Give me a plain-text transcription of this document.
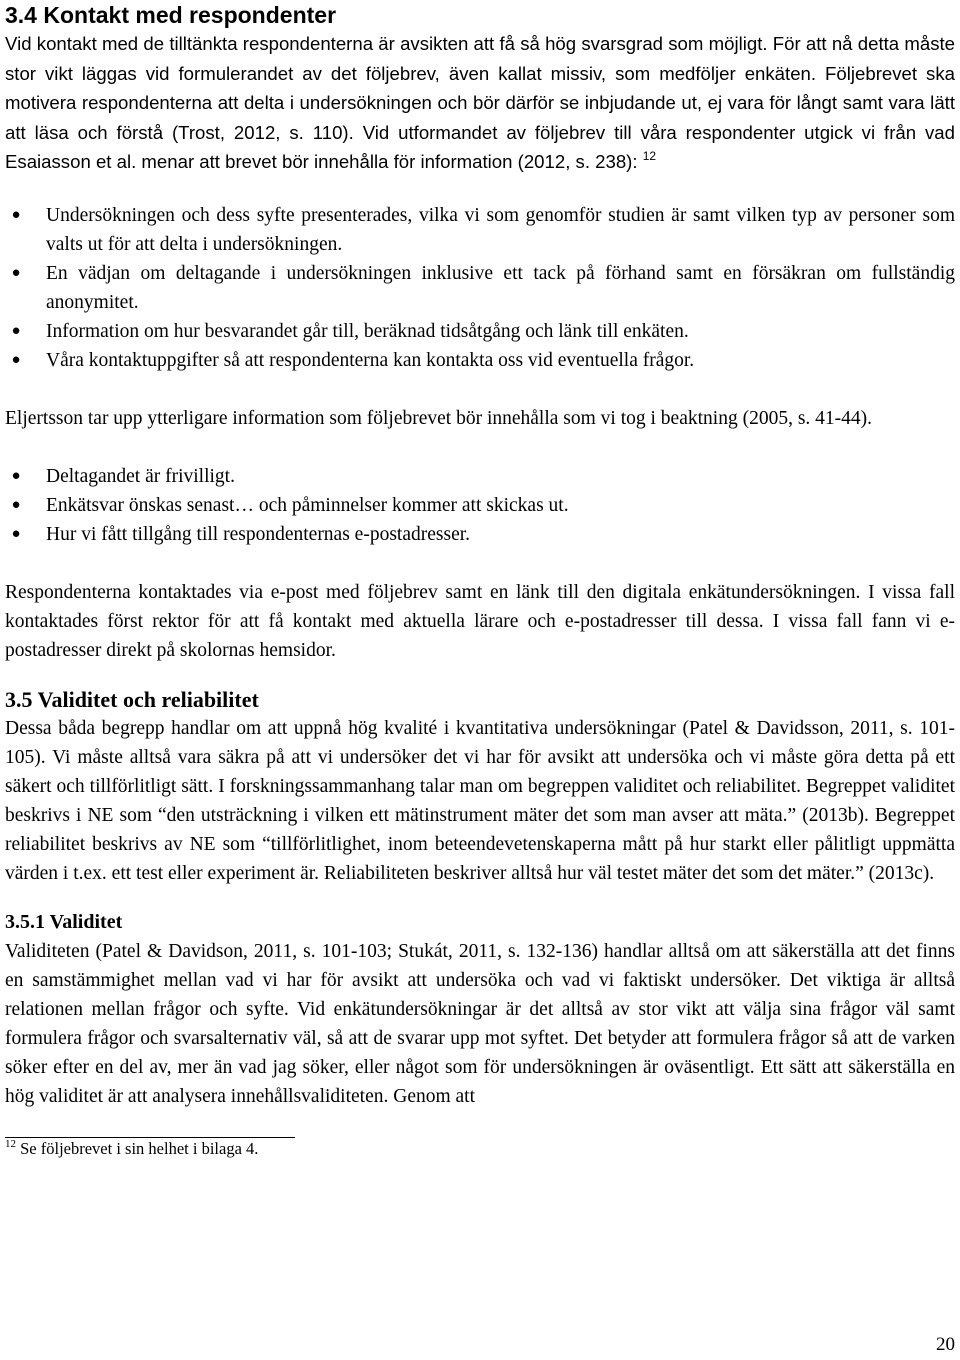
3.4 Kontakt med respondenter

Vid kontakt med de tilltänkta respondenterna är avsikten att få så hög svarsgrad som möjligt. För att nå detta måste stor vikt läggas vid formulerandet av det följebrev, även kallat missiv, som medföljer enkäten. Följebrevet ska motivera respondenterna att delta i undersökningen och bör därför se inbjudande ut, ej vara för långt samt vara lätt att läsa och förstå (Trost, 2012, s. 110). Vid utformandet av följebrev till våra respondenter utgick vi från vad Esaiasson et al. menar att brevet bör innehålla för information (2012, s. 238): $^{12}$

● Undersökningen och dess syfte presenterades, vilka vi som genomför studien är samt vilken typ av personer som valts ut för att delta i undersökningen.
● En vädjan om deltagande i undersökningen inklusive ett tack på förhand samt en försäkran om fullständig anonymitet.
● Information om hur besvarandet går till, beräknad tidsåtgång och länk till enkäten.
● Våra kontaktuppgifter så att respondenterna kan kontakta oss vid eventuella frågor.

Eljertsson tar upp ytterligare information som följebrevet bör innehålla som vi tog i beaktning (2005, s. 41-44).

● Deltagandet är frivilligt.
● Enkätsvar önskas senast… och påminnelser kommer att skickas ut.
● Hur vi fått tillgång till respondenternas e-postadresser.

Respondenterna kontaktades via e-post med följebrev samt en länk till den digitala enkätundersökningen. I vissa fall kontaktades först rektor för att få kontakt med aktuella lärare och e-postadresser till dessa. I vissa fall fann vi e-postadresser direkt på skolornas hemsidor.

3.5 Validitet och reliabilitet

Dessa båda begrepp handlar om att uppnå hög kvalité i kvantitativa undersökningar (Patel & Davidsson, 2011, s. 101-105). Vi måste alltså vara säkra på att vi undersöker det vi har för avsikt att undersöka och vi måste göra detta på ett säkert och tillförlitligt sätt. I forskningssammanhang talar man om begreppen validitet och reliabilitet. Begreppet validitet beskrivs i NE som “den utsträckning i vilken ett mätinstrument mäter det som man avser att mäta.” (2013b). Begreppet reliabilitet beskrivs av NE som “tillförlitlighet, inom beteendevetenskaperna mått på hur starkt eller pålitligt uppmätta värden i t.ex. ett test eller experiment är. Reliabiliteten beskriver alltså hur väl testet mäter det som det mäter.” (2013c).

3.5.1 Validitet

Validiteten (Patel & Davidson, 2011, s. 101-103; Stukát, 2011, s. 132-136) handlar alltså om att säkerställa att det finns en samstämmighet mellan vad vi har för avsikt att undersöka och vad vi faktiskt undersöker. Det viktiga är alltså relationen mellan frågor och syfte. Vid enkätundersökningar är det alltså av stor vikt att välja sina frågor väl samt formulera frågor och svarsalternativ väl, så att de svarar upp mot syftet. Det betyder att formulera frågor så att de varken söker efter en del av, mer än vad jag söker, eller något som för undersökningen är oväsentligt. Ett sätt att säkerställa en hög validitet är att analysera innehållsvaliditeten. Genom att

$^{12}$ Se följebrevet i sin helhet i bilaga 4.
20
